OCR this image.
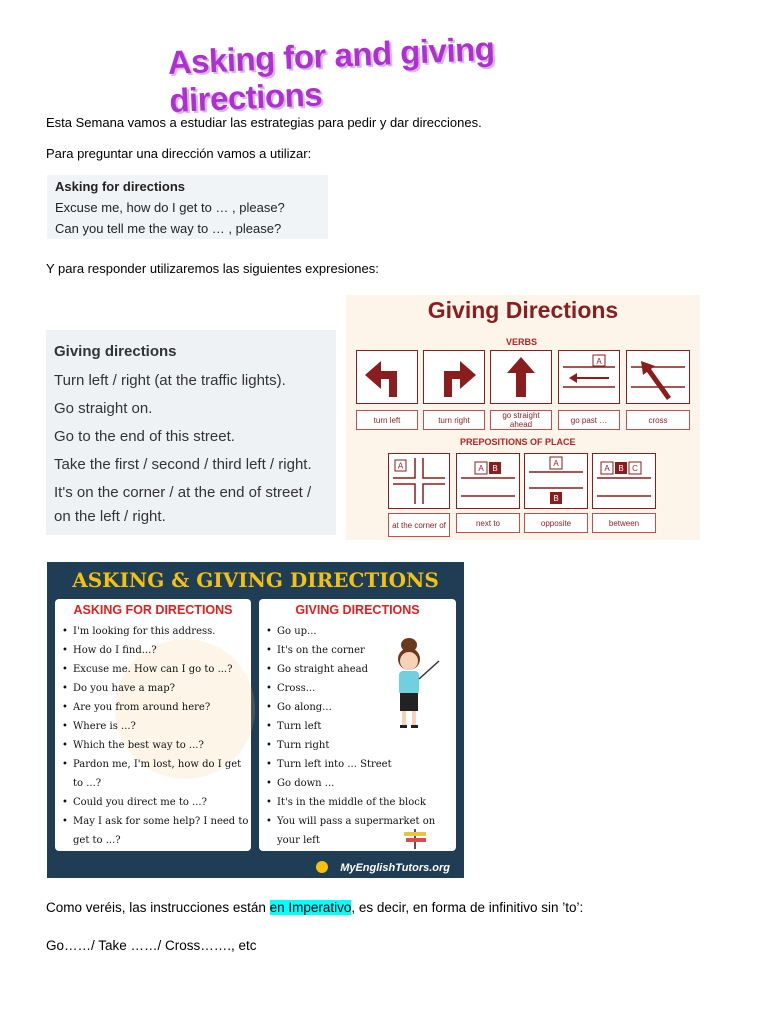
Asking for and giving directions
Esta Semana vamos a estudiar las estrategias para pedir y dar direcciones.
Para preguntar una dirección vamos a utilizar:
Asking for directions
Excuse me, how do I get to … , please?
Can you tell me the way to … , please?
Y para responder utilizaremos las siguientes expresiones:
Giving directions
Turn left / right (at the traffic lights).
Go straight on.
Go to the end of this street.
Take the first / second / third left / right.
It's on the corner / at the end of street /
on the left / right.
Giving Directions
VERBS
A
turn left	turn right	go straight ahead	go past …	cross
PREPOSITIONS OF PLACE
A	A B
A
B
A B C
at the corner of	next to	opposite	between
ASKING & GIVING DIRECTIONS
ASKING FOR DIRECTIONS
• I'm looking for this address.
• How do I find...?
• Excuse me. How can I go to ...?
• Do you have a map?
• Are you from around here?
• Where is ...?
• Which the best way to ...?
• Pardon me, I'm lost, how do I get to ...?
• Could you direct me to ...?
• May I ask for some help? I need to get to ...?
GIVING DIRECTIONS
• Go up...
• It's on the corner
• Go straight ahead
• Cross...
• Go along...
• Turn left
• Turn right
• Turn left into ... Street
• Go down ...
• It's in the middle of the block
• You will pass a supermarket on your left
MyEnglishTutors.org
Como veréis, las instrucciones están en Imperativo, es decir, en forma de infinitivo sin ’to’:
Go……/ Take ……/ Cross……., etc
